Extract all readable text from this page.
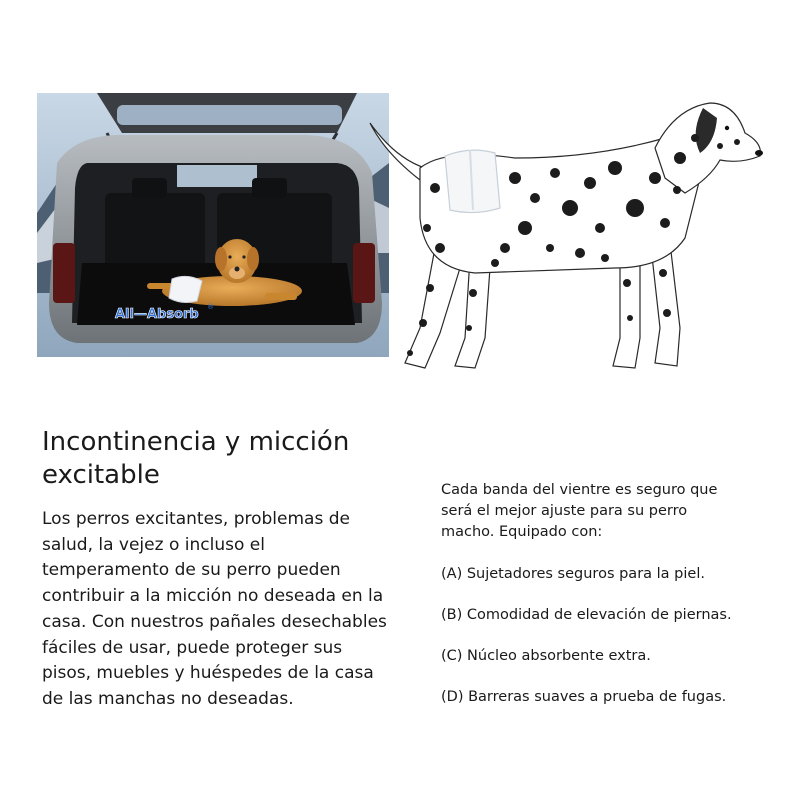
All—Absorb ®
Incontinencia y micción excitable

Los perros excitantes, problemas de salud, la vejez o incluso el temperamento de su perro pueden contribuir a la micción no deseada en la casa. Con nuestros pañales desechables fáciles de usar, puede proteger sus pisos, muebles y huéspedes de la casa de las manchas no deseadas.

Cada banda del vientre es seguro que será el mejor ajuste para su perro macho. Equipado con:

(A) Sujetadores seguros para la piel.
(B) Comodidad de elevación de piernas.
(C) Núcleo absorbente extra.
(D) Barreras suaves a prueba de fugas.
